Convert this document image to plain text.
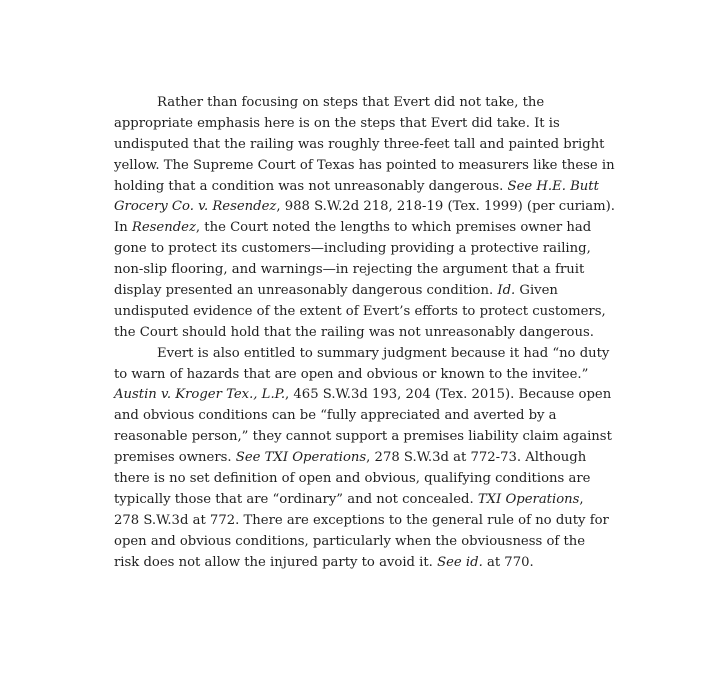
Rather than focusing on steps that Evert did not take, the
appropriate emphasis here is on the steps that Evert did take. It is
undisputed that the railing was roughly three-feet tall and painted bright
yellow. The Supreme Court of Texas has pointed to measurers like these in
holding that a condition was not unreasonably dangerous. See H.E. Butt
Grocery Co. v. Resendez, 988 S.W.2d 218, 218-19 (Tex. 1999) (per curiam).
In Resendez, the Court noted the lengths to which premises owner had
gone to protect its customers—including providing a protective railing,
non-slip flooring, and warnings—in rejecting the argument that a fruit
display presented an unreasonably dangerous condition. Id. Given
undisputed evidence of the extent of Evert’s efforts to protect customers,
the Court should hold that the railing was not unreasonably dangerous.
Evert is also entitled to summary judgment because it had “no duty
to warn of hazards that are open and obvious or known to the invitee.”
Austin v. Kroger Tex., L.P., 465 S.W.3d 193, 204 (Tex. 2015). Because open
and obvious conditions can be “fully appreciated and averted by a
reasonable person,” they cannot support a premises liability claim against
premises owners. See TXI Operations, 278 S.W.3d at 772-73. Although
there is no set definition of open and obvious, qualifying conditions are
typically those that are “ordinary” and not concealed. TXI Operations,
278 S.W.3d at 772. There are exceptions to the general rule of no duty for
open and obvious conditions, particularly when the obviousness of the
risk does not allow the injured party to avoid it. See id. at 770.
